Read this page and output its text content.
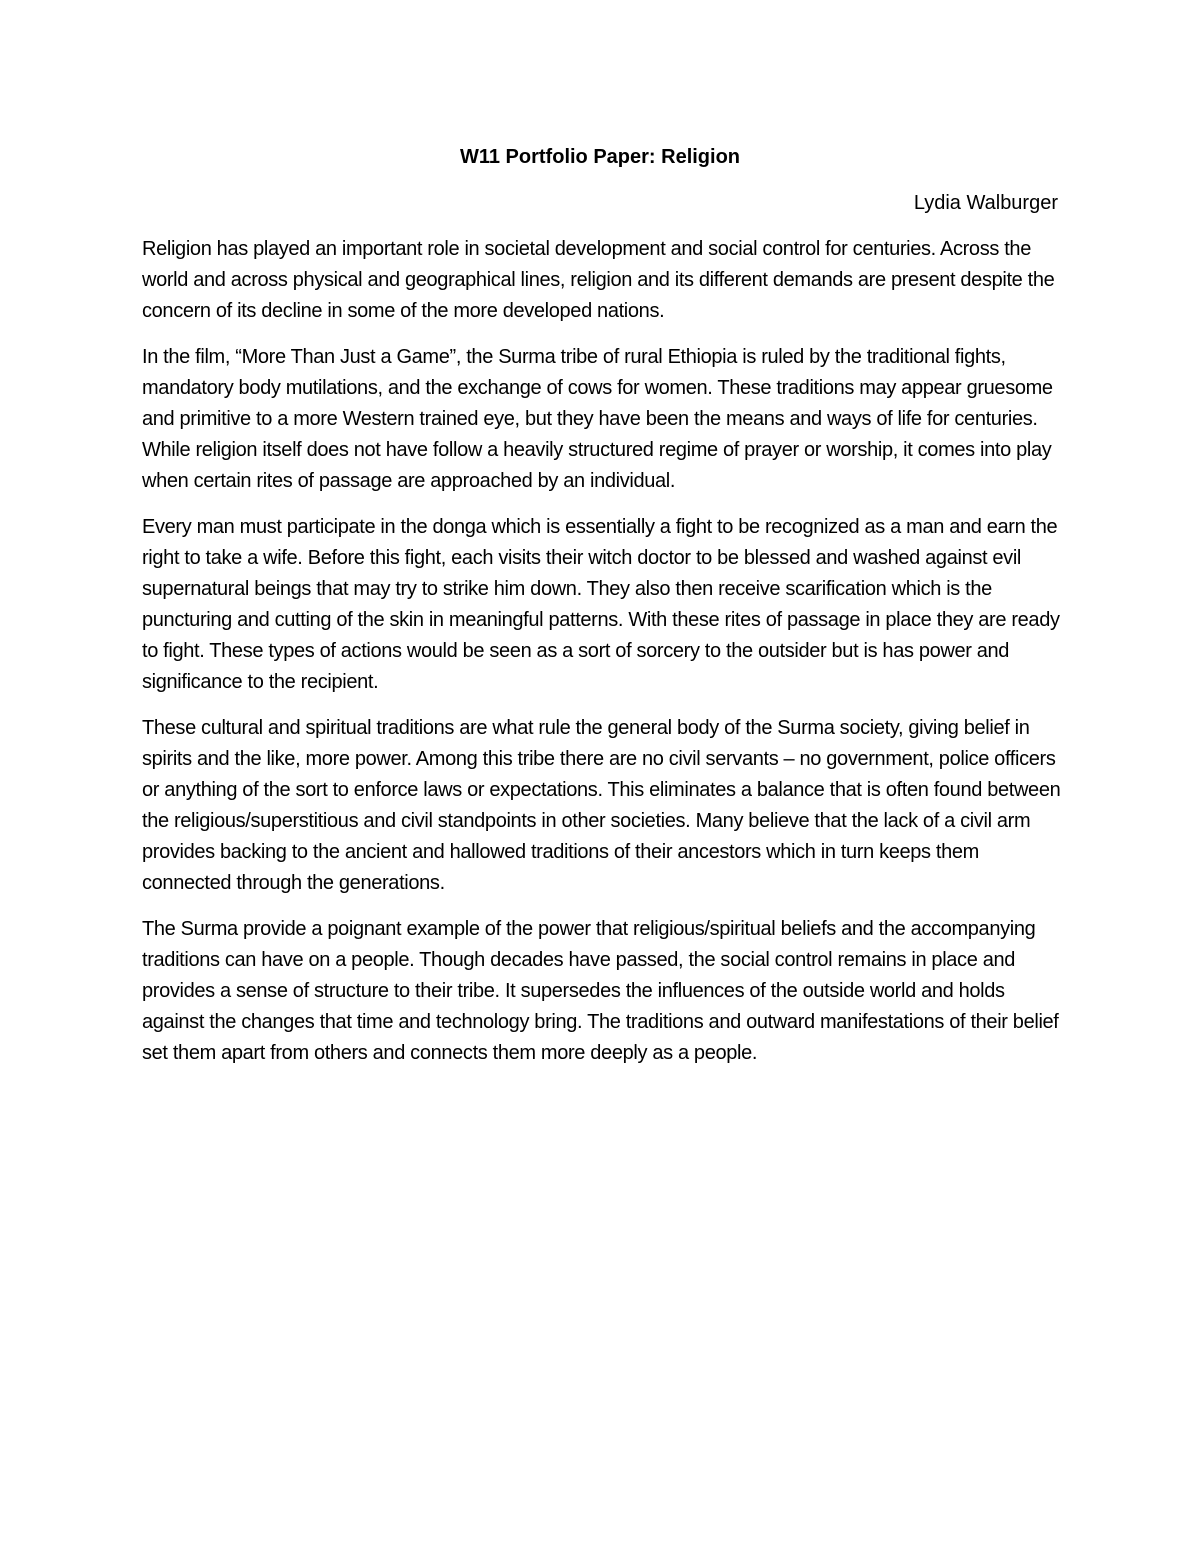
W11 Portfolio Paper: Religion
Lydia Walburger

Religion has played an important role in societal development and social control for centuries. Across the world and across physical and geographical lines, religion and its different demands are present despite the concern of its decline in some of the more developed nations.

In the film, “More Than Just a Game”, the Surma tribe of rural Ethiopia is ruled by the traditional fights, mandatory body mutilations, and the exchange of cows for women. These traditions may appear gruesome and primitive to a more Western trained eye, but they have been the means and ways of life for centuries. While religion itself does not have follow a heavily structured regime of prayer or worship, it comes into play when certain rites of passage are approached by an individual.

Every man must participate in the donga which is essentially a fight to be recognized as a man and earn the right to take a wife. Before this fight, each visits their witch doctor to be blessed and washed against evil supernatural beings that may try to strike him down. They also then receive scarification which is the puncturing and cutting of the skin in meaningful patterns. With these rites of passage in place they are ready to fight. These types of actions would be seen as a sort of sorcery to the outsider but is has power and significance to the recipient.

These cultural and spiritual traditions are what rule the general body of the Surma society, giving belief in spirits and the like, more power. Among this tribe there are no civil servants – no government, police officers or anything of the sort to enforce laws or expectations. This eliminates a balance that is often found between the religious/superstitious and civil standpoints in other societies. Many believe that the lack of a civil arm provides backing to the ancient and hallowed traditions of their ancestors which in turn keeps them connected through the generations.

The Surma provide a poignant example of the power that religious/spiritual beliefs and the accompanying traditions can have on a people. Though decades have passed, the social control remains in place and provides a sense of structure to their tribe. It supersedes the influences of the outside world and holds against the changes that time and technology bring. The traditions and outward manifestations of their belief set them apart from others and connects them more deeply as a people.
